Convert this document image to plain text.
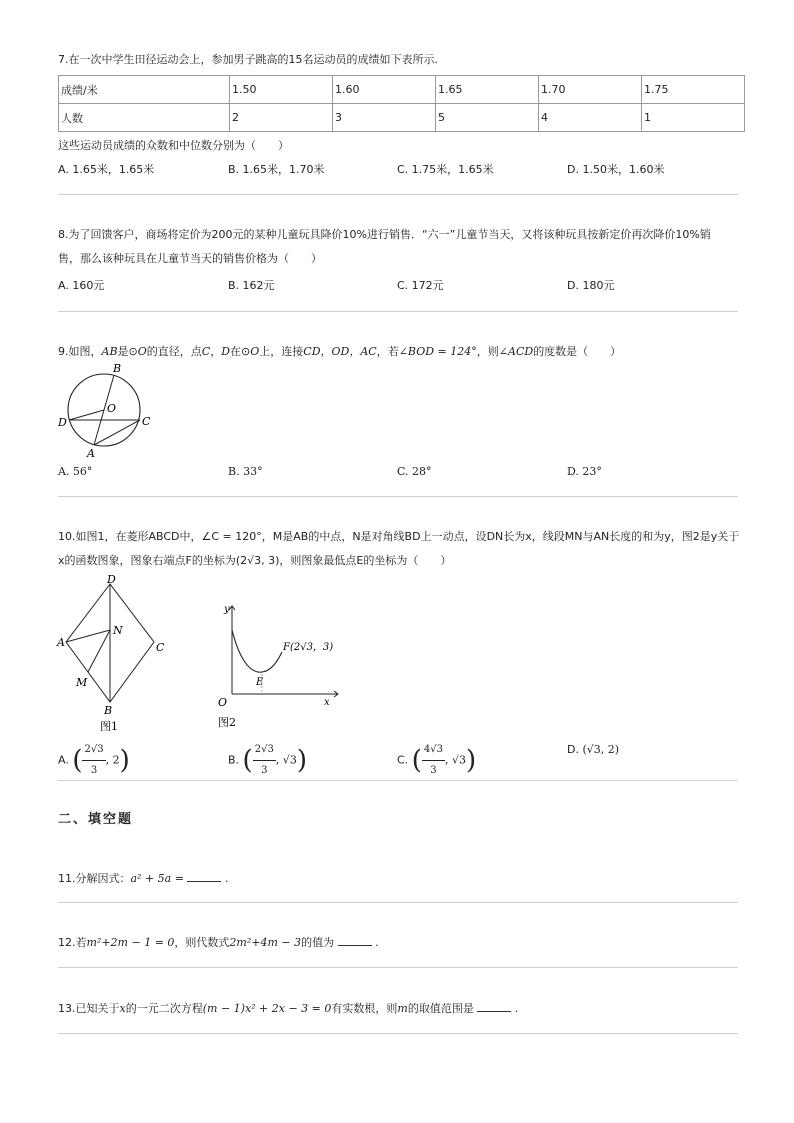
7.在一次中学生田径运动会上，参加男子跳高的15名运动员的成绩如下表所示.
成绩/米	1.50	1.60	1.65	1.70	1.75
人数	2	3	5	4	1
这些运动员成绩的众数和中位数分别为（　　）
A. 1.65米，1.65米	B. 1.65米，1.70米	C. 1.75米，1.65米	D. 1.50米，1.60米
8.为了回馈客户，商场将定价为200元的某种儿童玩具降价10%进行销售．“六一”儿童节当天，又将该种玩具按新定价再次降价10%销
售，那么该种玩具在儿童节当天的销售价格为（　　）
A. 160元	B. 162元	C. 172元	D. 180元
9.如图，AB是⊙O的直径，点C，D在⊙O上，连接CD，OD，AC，若∠BOD = 124°，则∠ACD的度数是（　　）
B
O
D	C
A
A. 56°	B. 33°	C. 28°	D. 23°
10.如图1，在菱形ABCD中，∠C = 120°，M是AB的中点，N是对角线BD上一动点，设DN长为x，线段MN与AN长度的和为y，图2是y关于
x的函数图象，图象右端点F的坐标为(2√3, 3)，则图象最低点E的坐标为（　　）
D
A
N
C
M
B
图1
y
x
O
E
F(2√3，3)
图2
A. ( $\frac{2√3}{3}$ , 2)	B. ( $\frac{2√3}{3}$ , √3)	C. ( $\frac{4√3}{3}$ , √3)	D. (√3, 2)
二、填空题
11.分解因式：a² + 5a =	.
12.若m²+2m − 1 = 0，则代数式2m²+4m − 3的值为	.
13.已知关于x的一元二次方程(m − 1)x² + 2x − 3 = 0有实数根，则m的取值范围是	.
